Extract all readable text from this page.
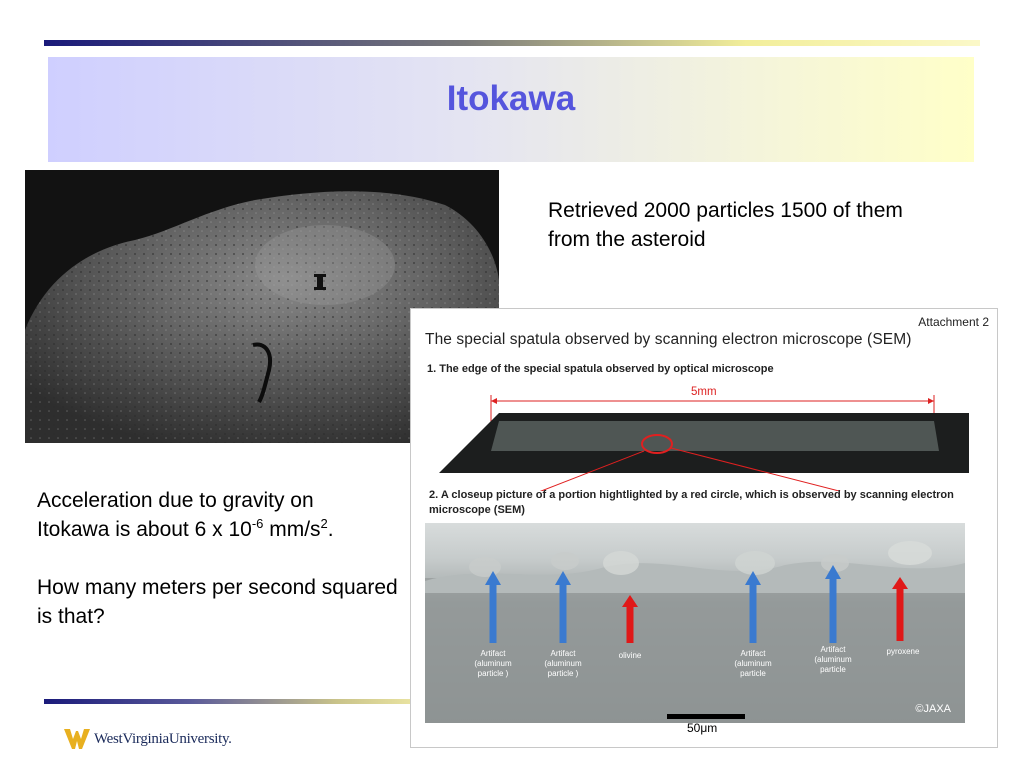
Itokawa

Retrieved 2000 particles 1500 of them from the asteroid

Acceleration due to gravity on
Itokawa is about 6 x $10^{-6}$ $mm/s^2$.

How many meters per second squared is that?

WestVirginiaUniversity.
Attachment 2
The special spatula observed by scanning electron microscope (SEM)
1. The edge of the special spatula observed by optical microscope
5mm
2. A closeup picture of a portion hightlighted by a red circle, which is observed by scanning electron microscope (SEM)
Artifact (aluminum particle )
Artifact (aluminum particle )
olivine	Artifact (aluminum particle
Artifact (aluminum particle
pyroxene
©JAXA
50μm
